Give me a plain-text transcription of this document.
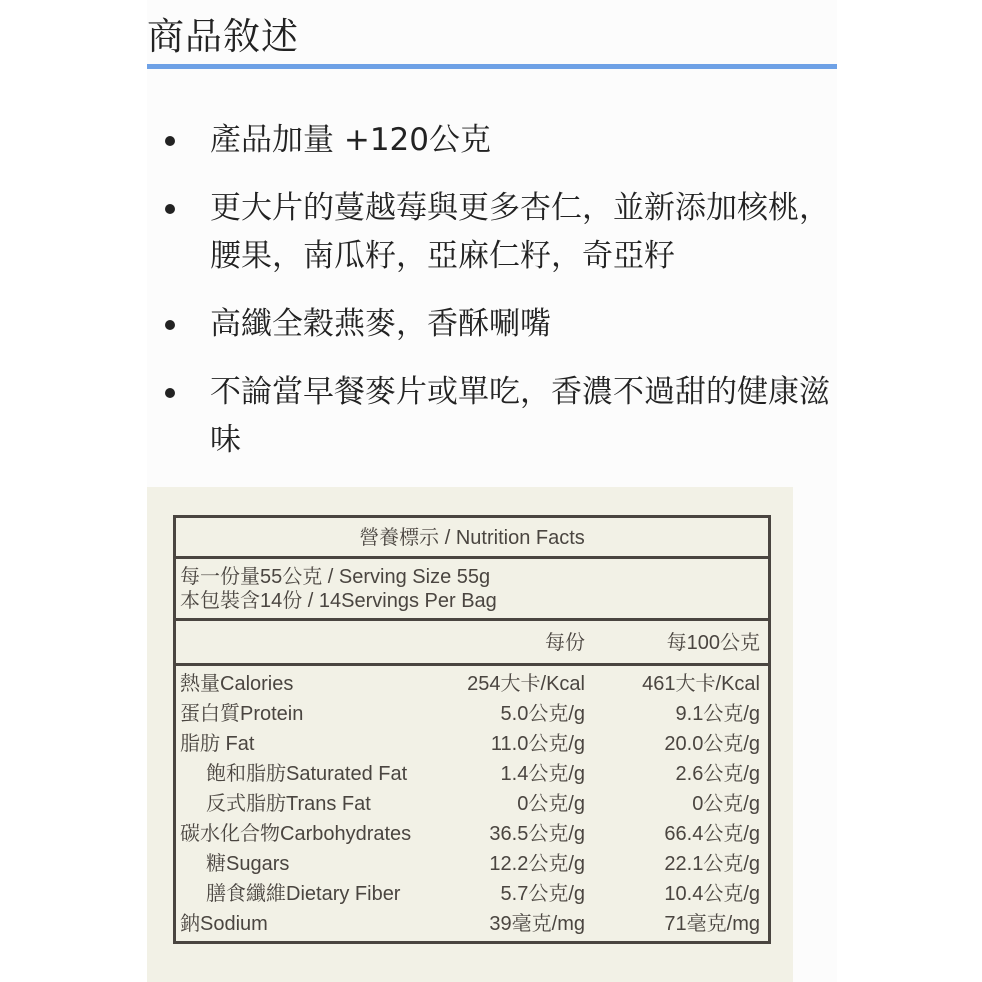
商品敘述
產品加量 +120公克
更大片的蔓越莓與更多杏仁，並新添加核桃，腰果，南瓜籽，亞麻仁籽，奇亞籽
高纖全穀燕麥，香酥唰嘴
不論當早餐麥片或單吃，香濃不過甜的健康滋味
營養標示 / Nutrition Facts
每一份量55公克 / Serving Size 55g
本包裝含14份 / 14Servings Per Bag
每份	每100公克
熱量Calories	254大卡/Kcal	461大卡/Kcal
蛋白質Protein	5.0公克/g	9.1公克/g
脂肪 Fat	11.0公克/g	20.0公克/g
飽和脂肪Saturated Fat	1.4公克/g	2.6公克/g
反式脂肪Trans Fat	0公克/g	0公克/g
碳水化合物Carbohydrates	36.5公克/g	66.4公克/g
糖Sugars	12.2公克/g	22.1公克/g
膳食纖維Dietary Fiber	5.7公克/g	10.4公克/g
鈉Sodium	39毫克/mg	71毫克/mg
